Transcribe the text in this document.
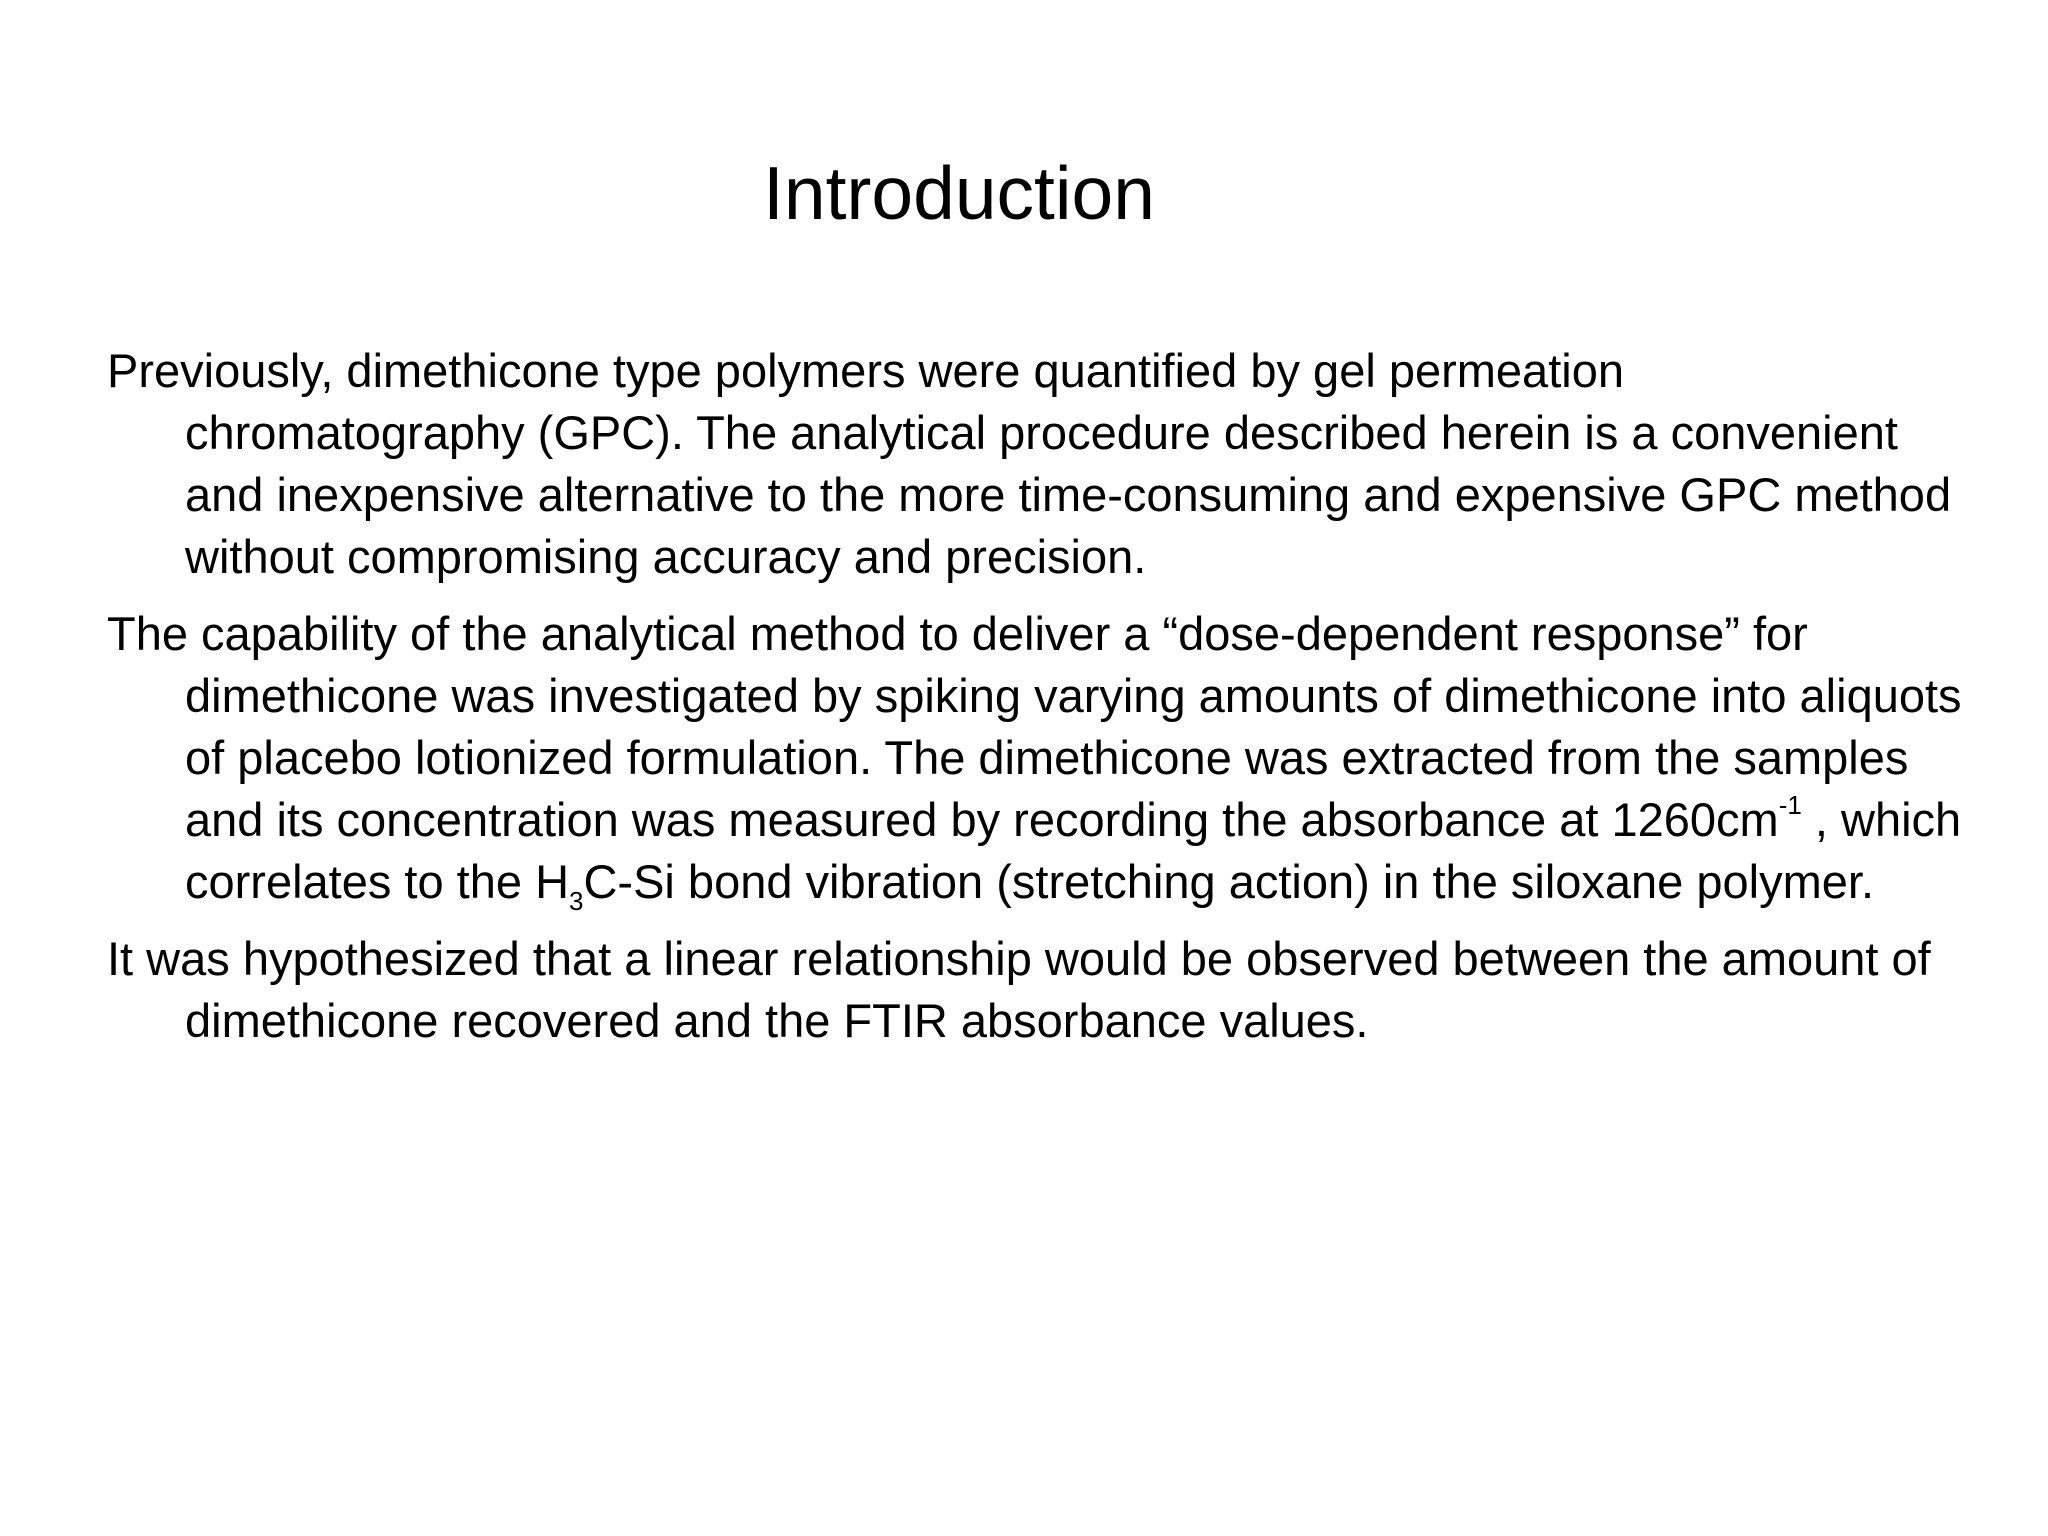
Introduction

Previously, dimethicone type polymers were quantified by gel permeation chromatography (GPC). The analytical procedure described herein is a convenient and inexpensive alternative to the more time-consuming and expensive GPC method without compromising accuracy and precision.

The capability of the analytical method to deliver a “dose-dependent response” for dimethicone was investigated by spiking varying amounts of dimethicone into aliquots of placebo lotionized formulation. The dimethicone was extracted from the samples and its concentration was measured by recording the absorbance at $1260cm^{-1}$ , which correlates to the $H_3C-Si$ bond vibration (stretching action) in the siloxane polymer.

It was hypothesized that a linear relationship would be observed between the amount of dimethicone recovered and the FTIR absorbance values.
